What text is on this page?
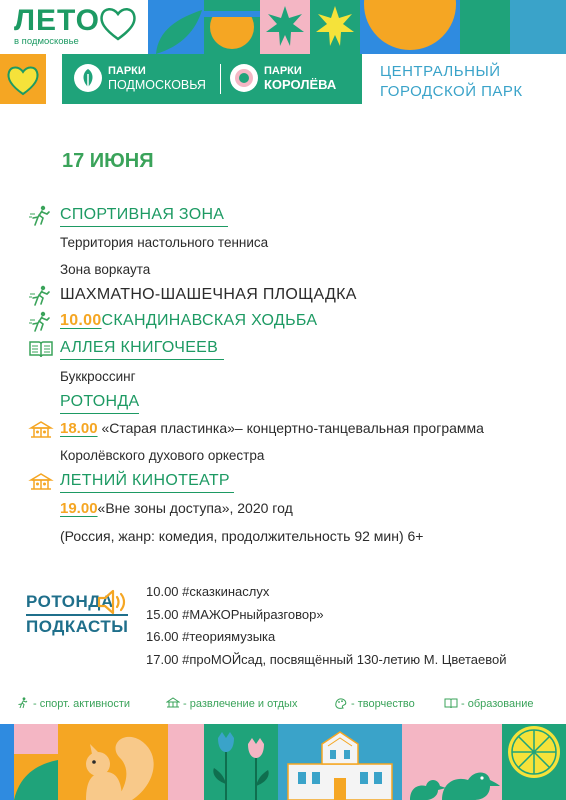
ЛЕТО
в подмосковье
ПАРКИ
ПОДМОСКОВЬЯ
ПАРКИ
КОРОЛЁВА
ЦЕНТРАЛЬНЫЙ
ГОРОДСКОЙ ПАРК
17 ИЮНЯ
СПОРТИВНАЯ ЗОНА
Территория настольного тенниса
Зона воркаута
ШАХМАТНО-ШАШЕЧНАЯ ПЛОЩАДКА
10.00СКАНДИНАВСКАЯ ХОДЬБА
АЛЛЕЯ КНИГОЧЕЕВ
Буккроссинг
РОТОНДА
18.00 «Старая пластинка»– концертно-танцевальная программа
Королёвского духового оркестра
ЛЕТНИЙ КИНОТЕАТР
19.00«Вне зоны доступа», 2020 год
(Россия, жанр: комедия, продолжительность 92 мин) 6+
РОТОНДА
ПОДКАСТЫ
10.00 #сказкинаслух
15.00 #МАЖОРныйразговор»
16.00 #теориямузыка
17.00 #проМОЙсад, посвящённый 130-летию М. Цветаевой
- спорт. активности	- развлечение и отдых	- творчество	- образование
